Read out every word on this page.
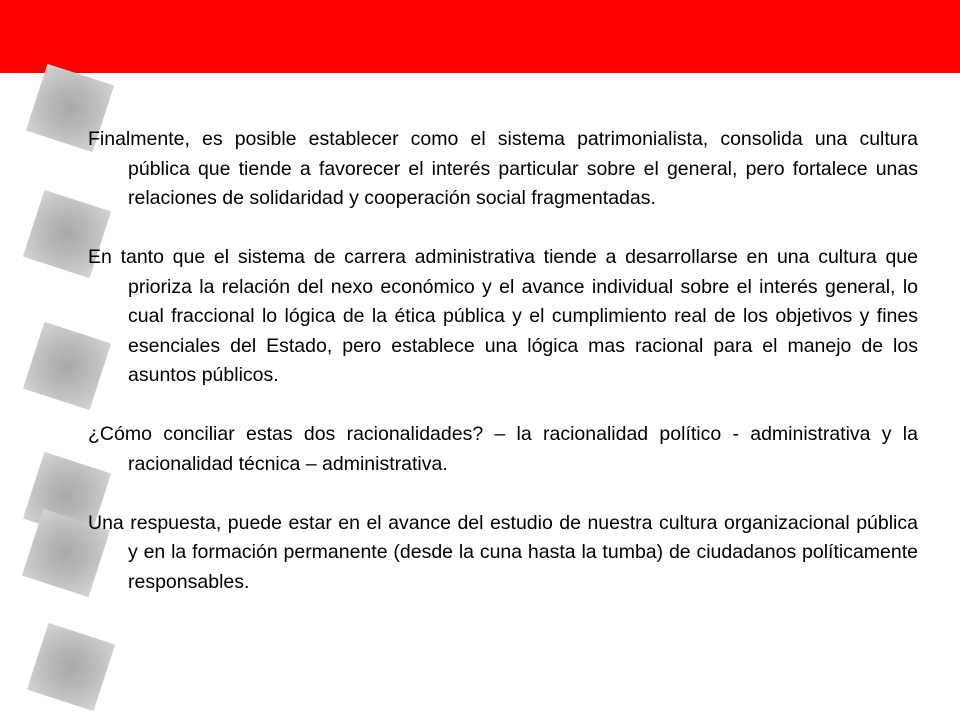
Finalmente, es posible establecer como el sistema patrimonialista, consolida una cultura pública que tiende a favorecer el interés particular sobre el general, pero fortalece unas relaciones de solidaridad y cooperación social fragmentadas.

En tanto que el sistema de carrera administrativa tiende a desarrollarse en una cultura que prioriza la relación del nexo económico y el avance individual sobre el interés general, lo cual fraccional lo lógica de la ética pública y el cumplimiento real de los objetivos y fines esenciales del Estado, pero establece una lógica mas racional para el manejo de los asuntos públicos.

¿Cómo conciliar estas dos racionalidades? – la racionalidad político - administrativa y la racionalidad técnica – administrativa.

Una respuesta, puede estar en el avance del estudio de nuestra cultura organizacional pública y en la formación permanente (desde la cuna hasta la tumba) de ciudadanos políticamente responsables.
